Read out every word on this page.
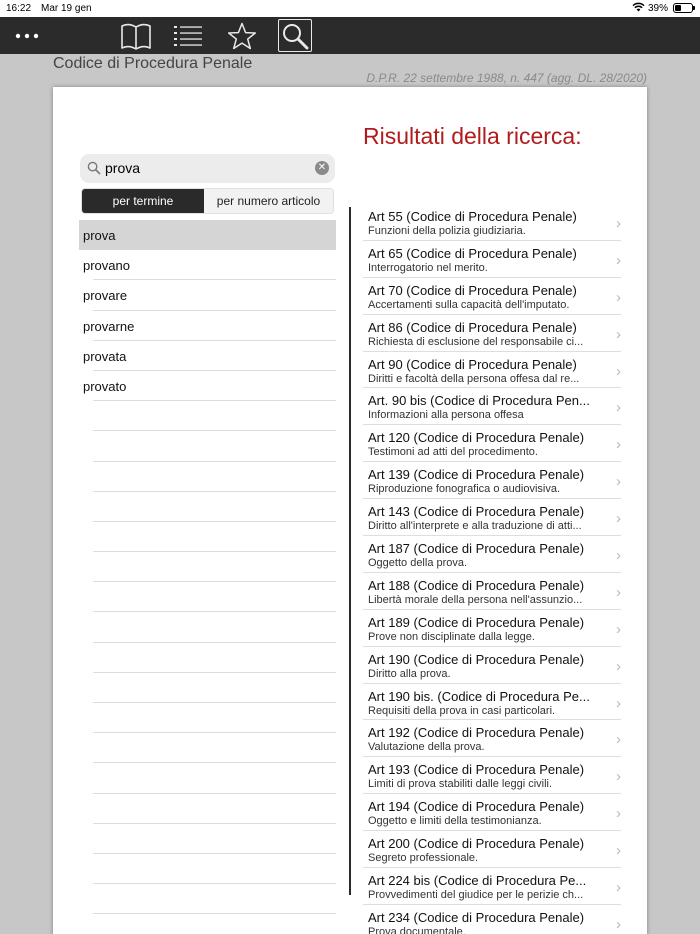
16:22 Mar 19 gen	39%
Codice di Procedura Penale
D.P.R. 22 settembre 1988, n. 447 (agg. DL. 28/2020)
Risultati della ricerca:
prova	✕
per termine	per numero articolo
prova
provano
provare
provarne
provata
provato
Art 55 (Codice di Procedura Penale)
Funzioni della polizia giudiziaria.	›
Art 65 (Codice di Procedura Penale)
Interrogatorio nel merito.	›
Art 70 (Codice di Procedura Penale)
Accertamenti sulla capacità dell'imputato.	›
Art 86 (Codice di Procedura Penale)
Richiesta di esclusione del responsabile ci...	›
Art 90 (Codice di Procedura Penale)
Diritti e facoltà della persona offesa dal re...	›
Art. 90 bis (Codice di Procedura Pen...
Informazioni alla persona offesa	›
Art 120 (Codice di Procedura Penale)
Testimoni ad atti del procedimento.	›
Art 139 (Codice di Procedura Penale)
Riproduzione fonografica o audiovisiva.	›
Art 143 (Codice di Procedura Penale)
Diritto all'interprete e alla traduzione di atti...	›
Art 187 (Codice di Procedura Penale)
Oggetto della prova.	›
Art 188 (Codice di Procedura Penale)
Libertà morale della persona nell'assunzio...	›
Art 189 (Codice di Procedura Penale)
Prove non disciplinate dalla legge.	›
Art 190 (Codice di Procedura Penale)
Diritto alla prova.	›
Art 190 bis. (Codice di Procedura Pe...
Requisiti della prova in casi particolari.	›
Art 192 (Codice di Procedura Penale)
Valutazione della prova.	›
Art 193 (Codice di Procedura Penale)
Limiti di prova stabiliti dalle leggi civili.	›
Art 194 (Codice di Procedura Penale)
Oggetto e limiti della testimonianza.	›
Art 200 (Codice di Procedura Penale)
Segreto professionale.	›
Art 224 bis (Codice di Procedura Pe...
Provvedimenti del giudice per le perizie ch...	›
Art 234 (Codice di Procedura Penale)
Prova documentale.	›
